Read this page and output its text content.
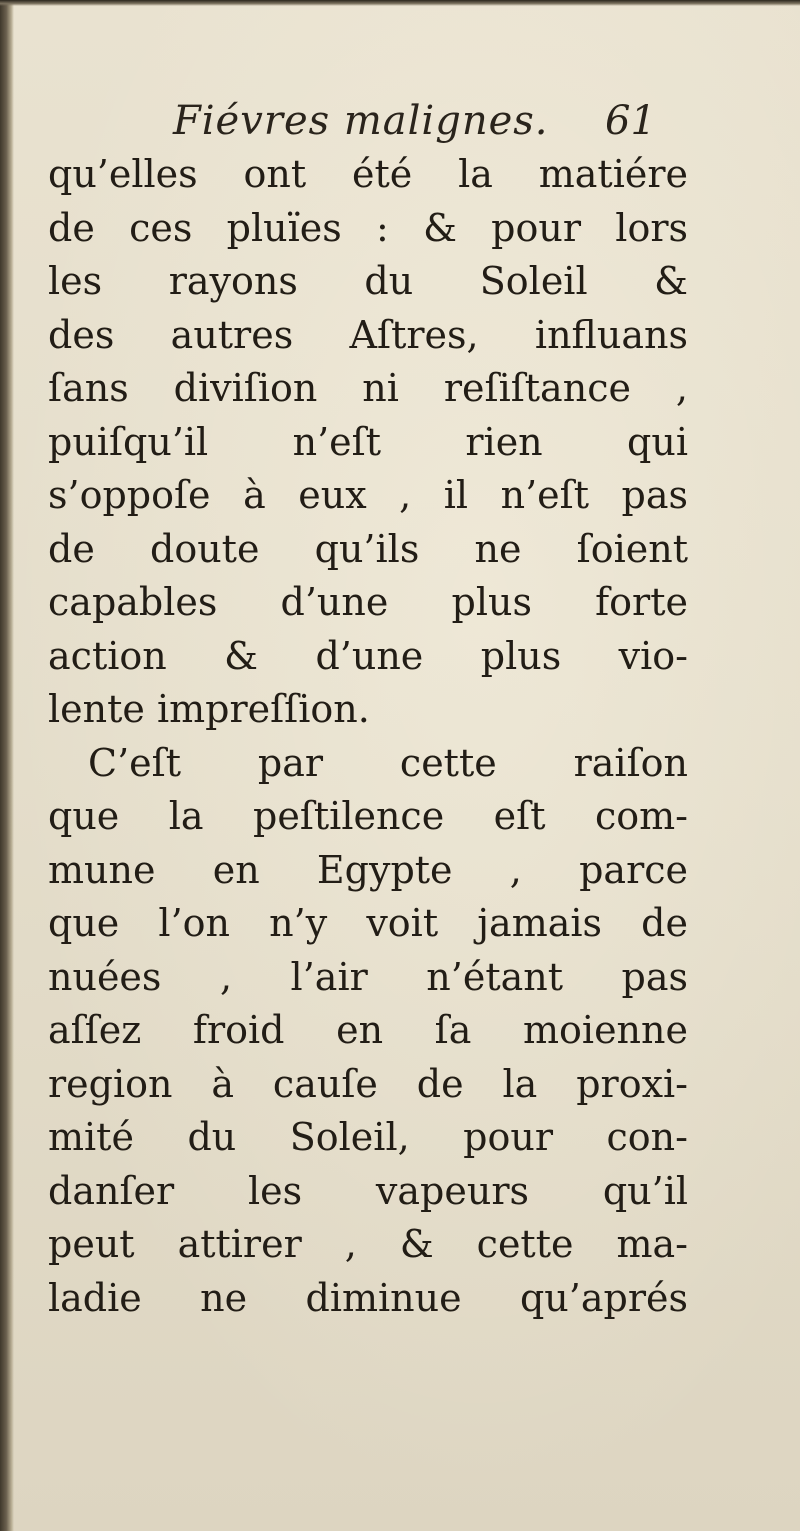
Fiévres malignes. 61
qu’elles ont été la matiére
de ces pluïes : & pour lors
les rayons du Soleil &
des autres Aſtres, influans
ſans diviſion ni reſiſtance ,
puiſqu’il n’eſt rien qui
s’oppoſe à eux , il n’eſt pas
de doute qu’ils ne ſoient
capables d’une plus forte
action & d’une plus vio-
lente impreſſion.
C’eſt par cette raiſon
que la peſtilence eſt com-
mune en Egypte , parce
que l’on n’y voit jamais de
nuées , l’air n’étant pas
aſſez froid en ſa moienne
region à cauſe de la proxi-
mité du Soleil, pour con-
danſer les vapeurs qu’il
peut attirer , & cette ma-
ladie ne diminue qu’aprés
